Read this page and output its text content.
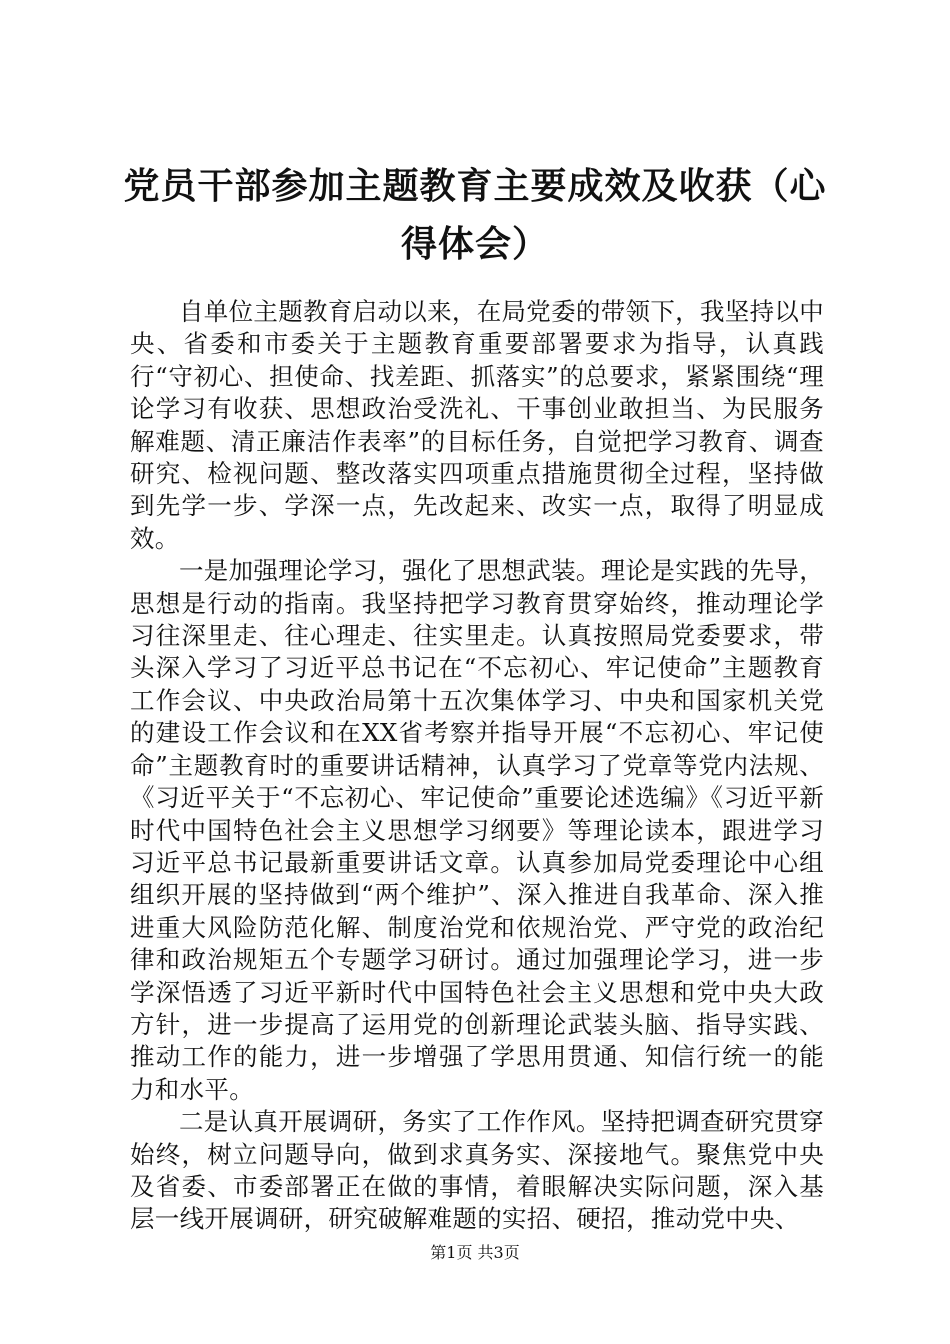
党员干部参加主题教育主要成效及收获（心得体会）

自单位主题教育启动以来，在局党委的带领下，我坚持以中央、省委和市委关于主题教育重要部署要求为指导，认真践行“守初心、担使命、找差距、抓落实”的总要求，紧紧围绕“理论学习有收获、思想政治受洗礼、干事创业敢担当、为民服务解难题、清正廉洁作表率”的目标任务，自觉把学习教育、调查研究、检视问题、整改落实四项重点措施贯彻全过程，坚持做到先学一步、学深一点，先改起来、改实一点，取得了明显成效。

一是加强理论学习，强化了思想武装。理论是实践的先导，思想是行动的指南。我坚持把学习教育贯穿始终，推动理论学习往深里走、往心理走、往实里走。认真按照局党委要求，带头深入学习了习近平总书记在“不忘初心、牢记使命”主题教育工作会议、中央政治局第十五次集体学习、中央和国家机关党的建设工作会议和在XX省考察并指导开展“不忘初心、牢记使命”主题教育时的重要讲话精神，认真学习了党章等党内法规、《习近平关于“不忘初心、牢记使命”重要论述选编》《习近平新时代中国特色社会主义思想学习纲要》等理论读本，跟进学习习近平总书记最新重要讲话文章。认真参加局党委理论中心组组织开展的坚持做到“两个维护”、深入推进自我革命、深入推进重大风险防范化解、制度治党和依规治党、严守党的政治纪律和政治规矩五个专题学习研讨。通过加强理论学习，进一步学深悟透了习近平新时代中国特色社会主义思想和党中央大政方针，进一步提高了运用党的创新理论武装头脑、指导实践、推动工作的能力，进一步增强了学思用贯通、知信行统一的能力和水平。

二是认真开展调研，务实了工作作风。坚持把调查研究贯穿始终，树立问题导向，做到求真务实、深接地气。聚焦党中央及省委、市委部署正在做的事情，着眼解决实际问题，深入基层一线开展调研，研究破解难题的实招、硬招，推动党中央、

第1页 共3页
